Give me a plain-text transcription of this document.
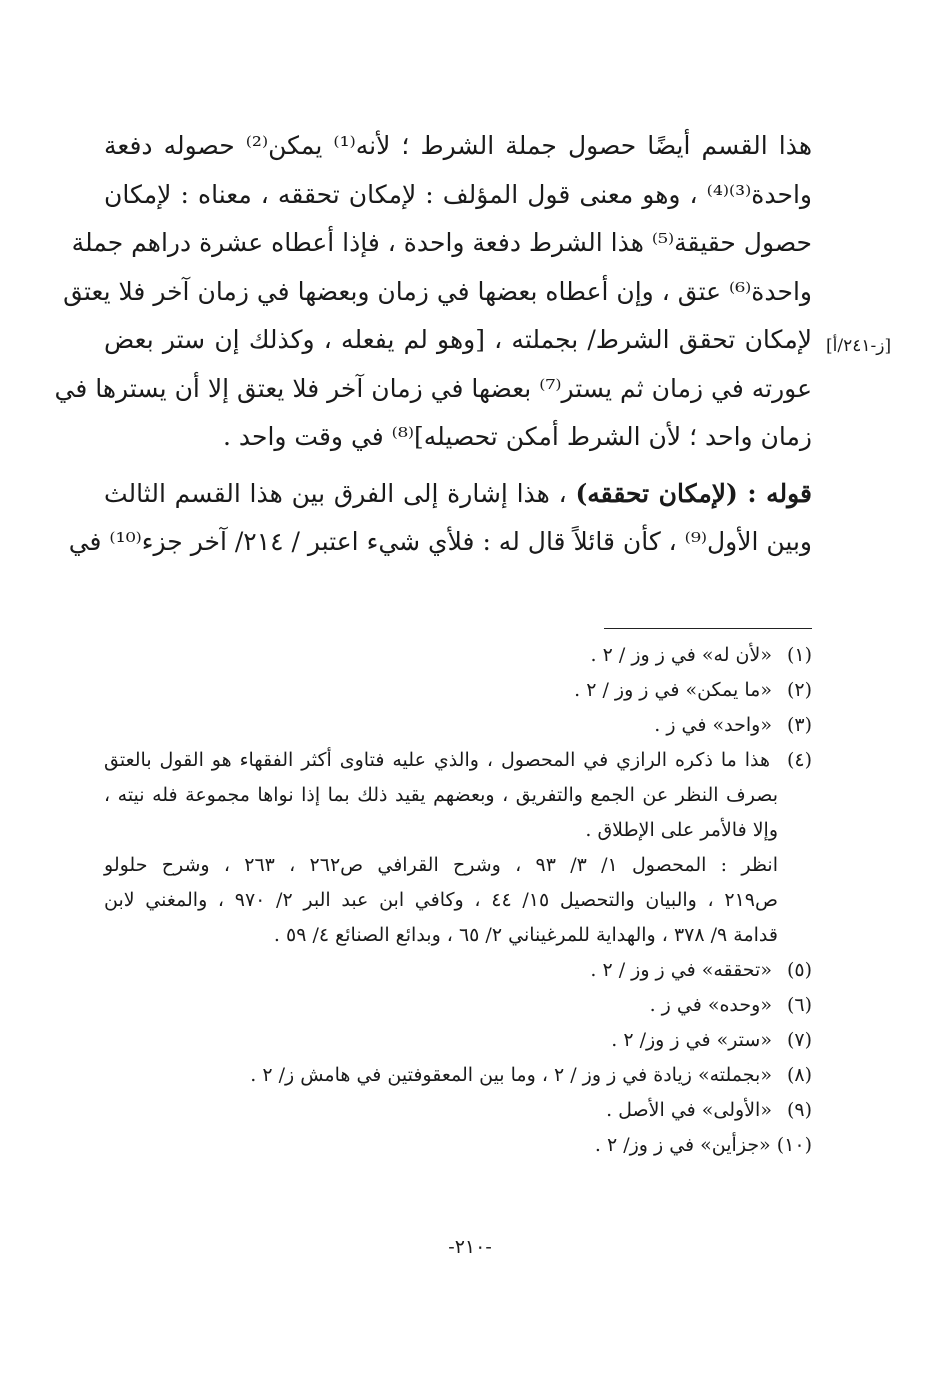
[ز-٢٤١/أ]
هذا القسم أيضًا حصول جملة الشرط ؛ لأنه⁽¹⁾ يمكن⁽²⁾ حصوله دفعة
واحدة⁽³⁾⁽⁴⁾ ، وهو معنى قول المؤلف : لإمكان تحققه ، معناه : لإمكان
حصول حقيقة⁽⁵⁾ هذا الشرط دفعة واحدة ، فإذا أعطاه عشرة دراهم جملة
واحدة⁽⁶⁾ عتق ، وإن أعطاه بعضها في زمان وبعضها في زمان آخر فلا يعتق
لإمكان تحقق الشرط/ بجملته ، [وهو لم يفعله ، وكذلك إن ستر بعض
عورته في زمان ثم يستر⁽⁷⁾ بعضها في زمان آخر فلا يعتق إلا أن يسترها في
زمان واحد ؛ لأن الشرط أمكن تحصيله]⁽⁸⁾ في وقت واحد .
قوله : (لإمكان تحققه) ، هذا إشارة إلى الفرق بين هذا القسم الثالث
وبين الأول⁽⁹⁾ ، كأن قائلاً قال له : فلأي شيء اعتبر / ٢١٤/ آخر جزء⁽¹⁰⁾ في
(١) «لأن له» في ز وز / ٢ .
(٢) «ما يمكن» في ز وز / ٢ .
(٣) «واحد» في ز .
(٤) هذا ما ذكره الرازي في المحصول ، والذي عليه فتاوى أكثر الفقهاء هو القول بالعتق
بصرف النظر عن الجمع والتفريق ، وبعضهم يقيد ذلك بما إذا نواها مجموعة فله نيته ،
وإلا فالأمر على الإطلاق .
انظر : المحصول ١/ ٣/ ٩٣ ، وشرح القرافي ص٢٦٢ ، ٢٦٣ ، وشرح حلولو
ص٢١٩ ، والبيان والتحصيل ١٥/ ٤٤ ، وكافي ابن عبد البر ٢/ ٩٧٠ ، والمغني لابن
قدامة ٩/ ٣٧٨ ، والهداية للمرغيناني ٢/ ٦٥ ، وبدائع الصنائع ٤/ ٥٩ .
(٥) «تحققه» في ز وز / ٢ .
(٦) «وحده» في ز .
(٧) «ستر» في ز وز/ ٢ .
(٨) «بجملته» زيادة في ز وز / ٢ ، وما بين المعقوفتين في هامش ز/ ٢ .
(٩) «الأولى» في الأصل .
(١٠) «جزأين» في ز وز/ ٢ .
-٢١٠-
